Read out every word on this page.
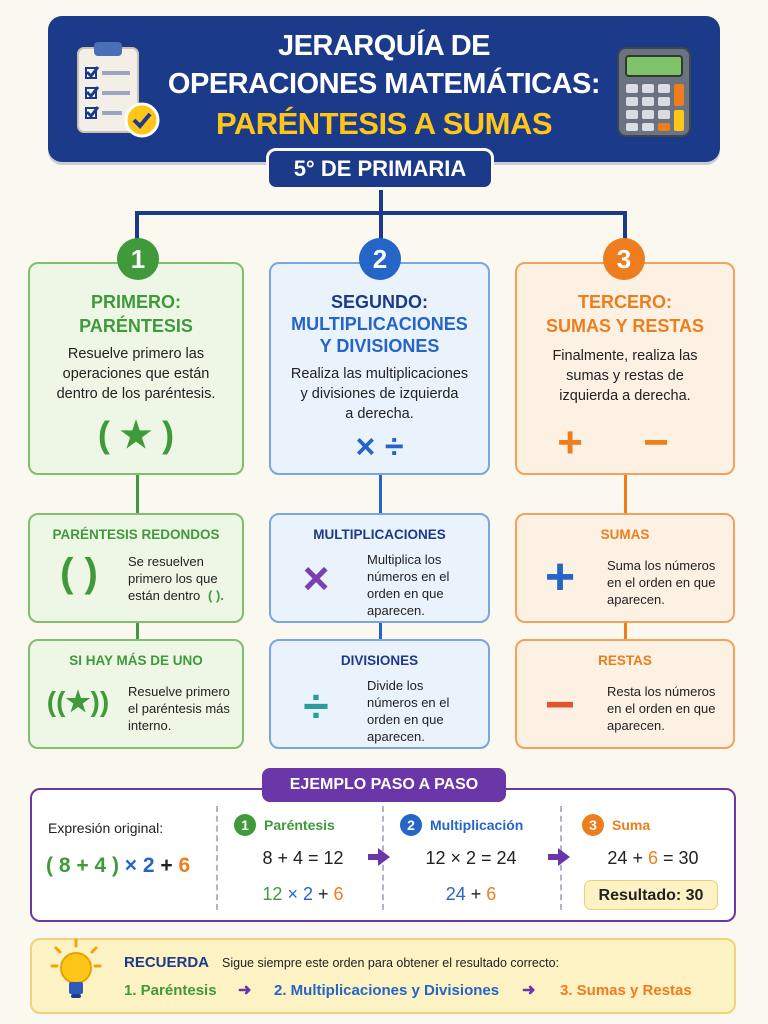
JERARQUÍA DE
OPERACIONES MATEMÁTICAS:
PARÉNTESIS A SUMAS
5° DE PRIMARIA
PRIMERO:
PARÉNTESIS
Resuelve primero las
operaciones que están
dentro de los paréntesis.
( ★ )
1
SEGUNDO:
MULTIPLICACIONES
Y DIVISIONES
Realiza las multiplicaciones
y divisiones de izquierda
a derecha.
× ÷
2
TERCERO:
SUMAS Y RESTAS
Finalmente, realiza las
sumas y restas de
izquierda a derecha.
+ −
3
PARÉNTESIS REDONDOS
( )	Se resuelven
primero los que
están dentro ( ).
SI HAY MÁS DE UNO
((★))	Resuelve primero
el paréntesis más
interno.
MULTIPLICACIONES
×	Multiplica los
números en el
orden en que
aparecen.
DIVISIONES
÷	Divide los
números en el
orden en que
aparecen.
SUMAS
+	Suma los números
en el orden en que
aparecen.
RESTAS
−	Resta los números
en el orden en que
aparecen.
EJEMPLO PASO A PASO
Expresión original:
( 8 + 4 ) × 2 + 6
1	Paréntesis
8 + 4 = 12
12 × 2 + 6
2	Multiplicación
12 × 2 = 24
24 + 6
3	Suma
24 + 6 = 30
Resultado: 30
RECUERDA Sigue siempre este orden para obtener el resultado correcto:
1. Paréntesis ➜ 2. Multiplicaciones y Divisiones ➜ 3. Sumas y Restas
